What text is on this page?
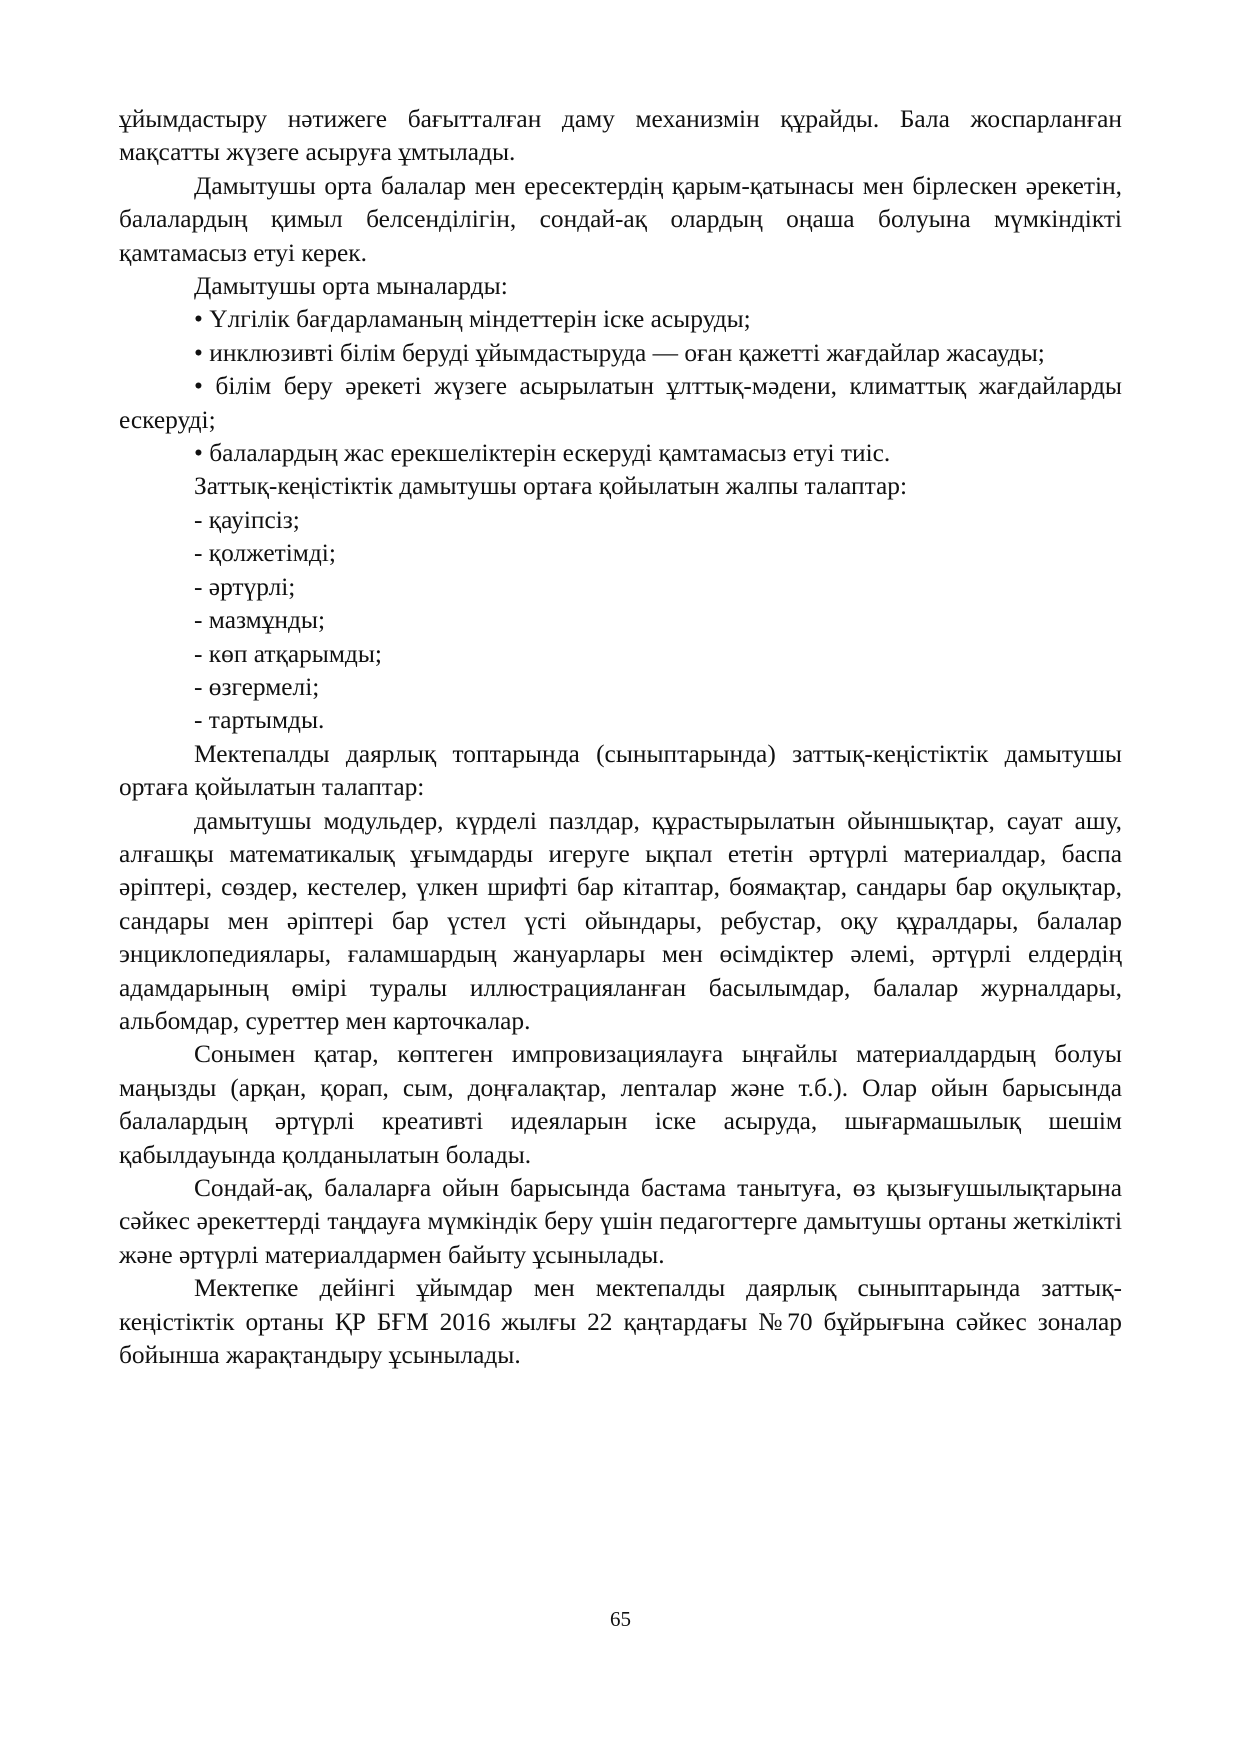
ұйымдастыру нәтижеге бағытталған даму механизмін құрайды. Бала жоспарланған мақсатты жүзеге асыруға ұмтылады.

Дамытушы орта балалар мен ересектердің қарым-қатынасы мен бірлескен әрекетін, балалардың қимыл белсенділігін, сондай-ақ олардың оңаша болуына мүмкіндікті қамтамасыз етуі керек.

Дамытушы орта мыналарды:

• Үлгілік бағдарламаның міндеттерін іске асыруды;

• инклюзивті білім беруді ұйымдастыруда — оған қажетті жағдайлар жасауды;

• білім беру әрекеті жүзеге асырылатын ұлттық-мәдени, климаттық жағдайларды ескеруді;

• балалардың жас ерекшеліктерін ескеруді қамтамасыз етуі тиіс.

Заттық-кеңістіктік дамытушы ортаға қойылатын жалпы талаптар:

- қауіпсіз;

- қолжетімді;

- әртүрлі;

- мазмұнды;

- көп атқарымды;

- өзгермелі;

- тартымды.

Мектепалды даярлық топтарында (сыныптарында) заттық-кеңістіктік дамытушы ортаға қойылатын талаптар:

дамытушы модульдер, күрделі пазлдар, құрастырылатын ойыншықтар, сауат ашу, алғашқы математикалық ұғымдарды игеруге ықпал ететін әртүрлі материалдар, баспа әріптері, сөздер, кестелер, үлкен шрифті бар кітаптар, боямақтар, сандары бар оқулықтар, сандары мен әріптері бар үстел үсті ойындары, ребустар, оқу құралдары, балалар энциклопедиялары, ғаламшардың жануарлары мен өсімдіктер әлемі, әртүрлі елдердің адамдарының өмірі туралы иллюстрацияланған басылымдар, балалар журналдары, альбомдар, суреттер мен карточкалар.

Сонымен қатар, көптеген импровизациялауға ыңғайлы материалдардың болуы маңызды (арқан, қорап, сым, доңғалақтар, лenталар және т.б.). Олар ойын барысында балалардың әртүрлі креативті идеяларын іске асыруда, шығармашылық шешім қабылдауында қолданылатын болады.

Сондай-ақ, балаларға ойын барысында бастама танытуға, өз қызығушылықтарына сәйкес әрекеттерді таңдауға мүмкіндік беру үшін педагогтерге дамытушы ортаны жеткілікті және әртүрлі материалдармен байыту ұсынылады.

Мектепке дейінгі ұйымдар мен мектепалды даярлық сыныптарында заттық-кеңістіктік ортаны ҚР БҒМ 2016 жылғы 22 қаңтардағы №70 бұйрығына сәйкес зоналар бойынша жарақтандыру ұсынылады.

65
